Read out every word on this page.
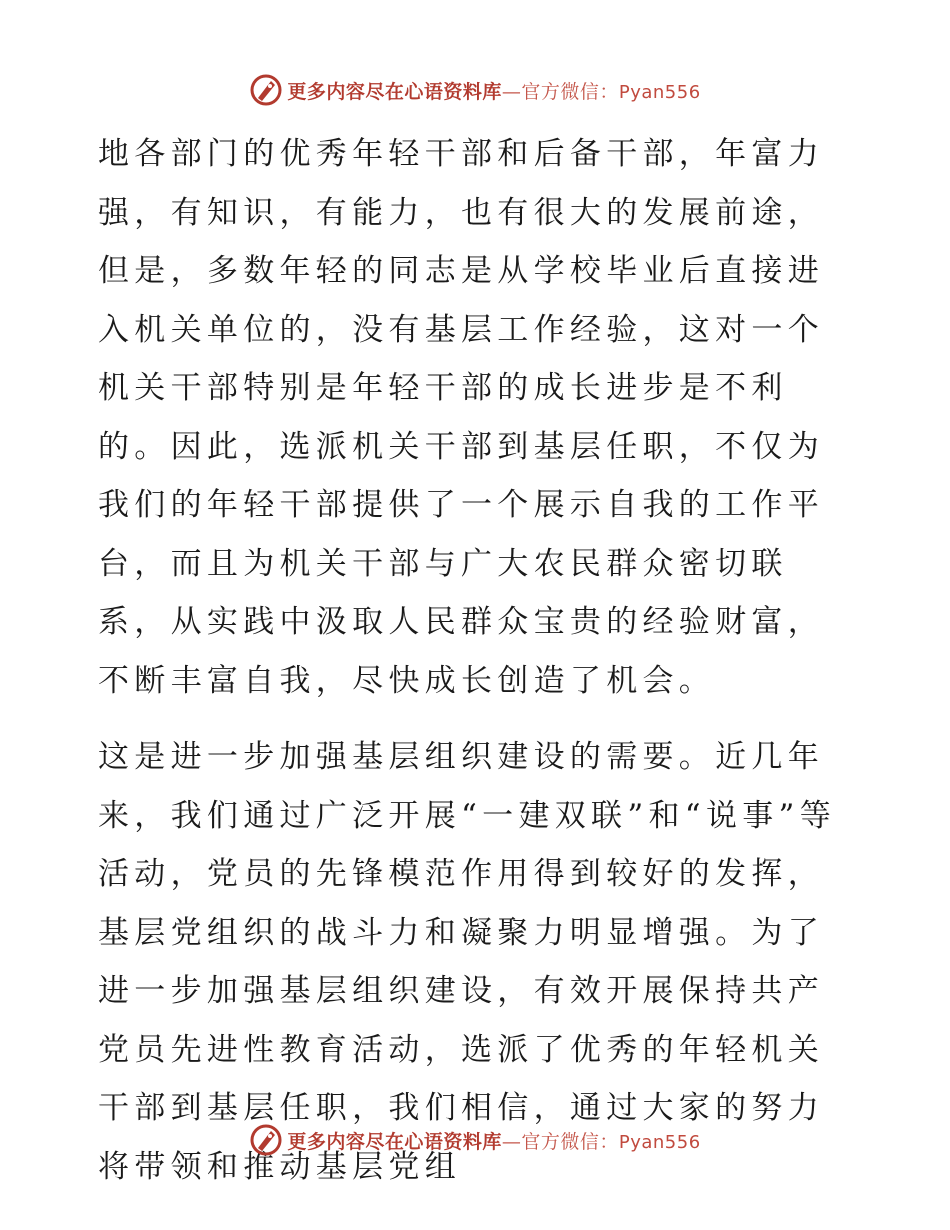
更多内容尽在心语资料库—官方微信：Pyan556

地各部门的优秀年轻干部和后备干部，年富力强，有知识，有能力，也有很大的发展前途，但是，多数年轻的同志是从学校毕业后直接进入机关单位的，没有基层工作经验，这对一个机关干部特别是年轻干部的成长进步是不利的。因此，选派机关干部到基层任职，不仅为我们的年轻干部提供了一个展示自我的工作平台，而且为机关干部与广大农民群众密切联系，从实践中汲取人民群众宝贵的经验财富，不断丰富自我，尽快成长创造了机会。

这是进一步加强基层组织建设的需要。近几年来，我们通过广泛开展“一建双联”和“说事”等活动，党员的先锋模范作用得到较好的发挥，基层党组织的战斗力和凝聚力明显增强。为了进一步加强基层组织建设，有效开展保持共产党员先进性教育活动，选派了优秀的年轻机关干部到基层任职，我们相信，通过大家的努力将带领和推动基层党组

更多内容尽在心语资料库—官方微信：Pyan556
